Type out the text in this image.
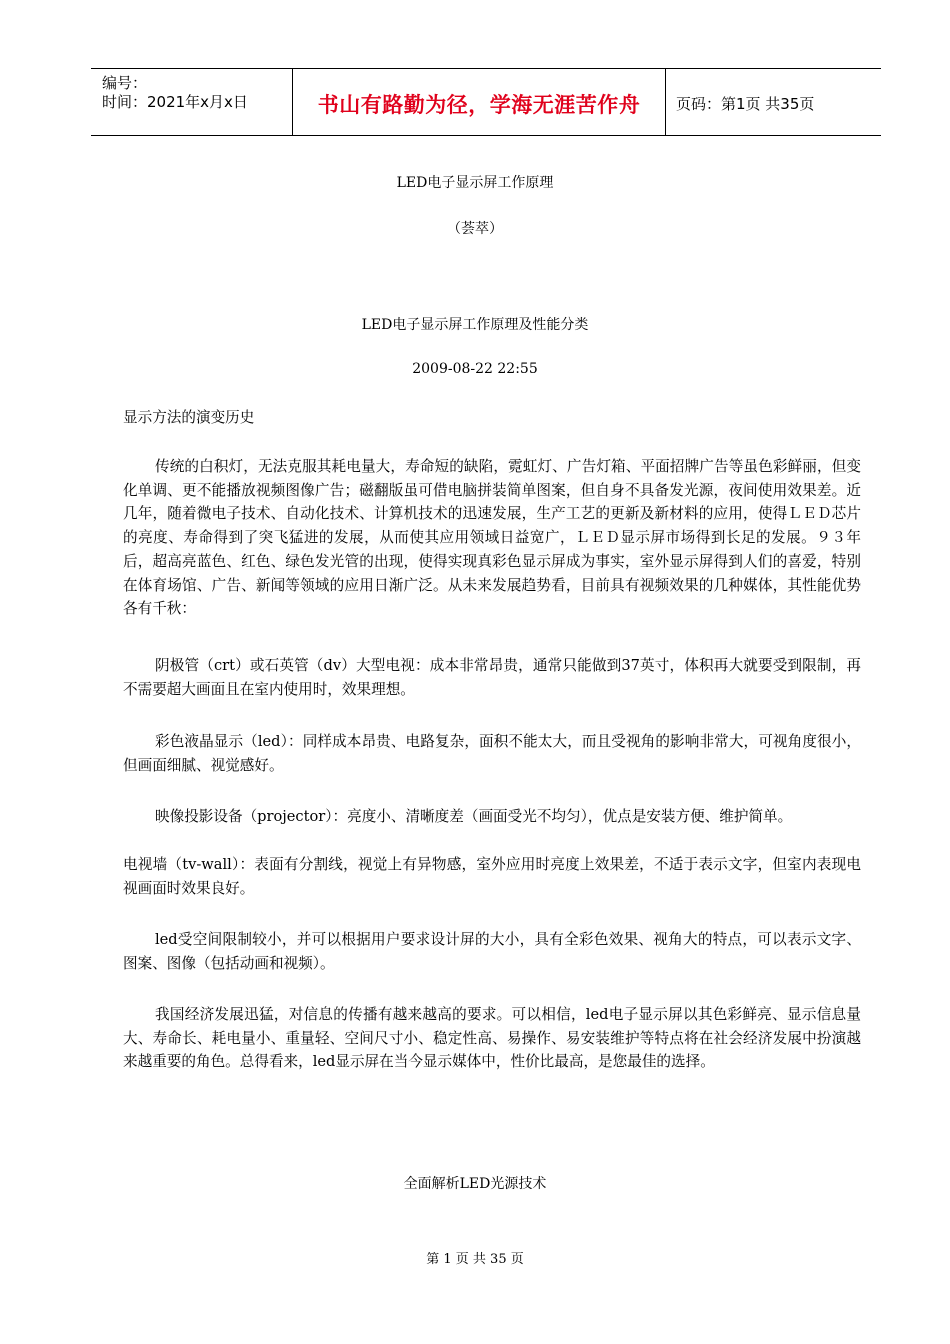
编号：
时间：2021年x月x日	书山有路勤为径，学海无涯苦作舟	页码：第1页 共35页
LED电子显示屏工作原理
（荟萃）
LED电子显示屏工作原理及性能分类
2009-08-22 22:55
显示方法的演变历史

传统的白积灯，无法克服其耗电量大，寿命短的缺陷，霓虹灯、广告灯箱、平面招牌广告等虽色彩鲜丽，但变化单调、更不能播放视频图像广告；磁翻版虽可借电脑拼装简单图案，但自身不具备发光源，夜间使用效果差。近几年，随着微电子技术、自动化技术、计算机技术的迅速发展，生产工艺的更新及新材料的应用，使得ＬＥＤ芯片的亮度、寿命得到了突飞猛进的发展，从而使其应用领域日益宽广，ＬＥＤ显示屏市场得到长足的发展。９３年后，超高亮蓝色、红色、绿色发光管的出现，使得实现真彩色显示屏成为事实，室外显示屏得到人们的喜爱，特别在体育场馆、广告、新闻等领域的应用日渐广泛。从未来发展趋势看，目前具有视频效果的几种媒体，其性能优势各有千秋：

阴极管（crt）或石英管（dv）大型电视：成本非常昂贵，通常只能做到37英寸，体积再大就要受到限制，再不需要超大画面且在室内使用时，效果理想。

彩色液晶显示（led）：同样成本昂贵、电路复杂，面积不能太大，而且受视角的影响非常大，可视角度很小，但画面细腻、视觉感好。

映像投影设备（projector）：亮度小、清晰度差（画面受光不均匀），优点是安装方便、维护简单。

电视墙（tv-wall）：表面有分割线，视觉上有异物感，室外应用时亮度上效果差，不适于表示文字，但室内表现电视画面时效果良好。

led受空间限制较小，并可以根据用户要求设计屏的大小，具有全彩色效果、视角大的特点，可以表示文字、图案、图像（包括动画和视频）。

我国经济发展迅猛，对信息的传播有越来越高的要求。可以相信，led电子显示屏以其色彩鲜亮、显示信息量大、寿命长、耗电量小、重量轻、空间尺寸小、稳定性高、易操作、易安装维护等特点将在社会经济发展中扮演越来越重要的角色。总得看来，led显示屏在当今显示媒体中，性价比最高，是您最佳的选择。

全面解析LED光源技术
第 1 页 共 35 页
